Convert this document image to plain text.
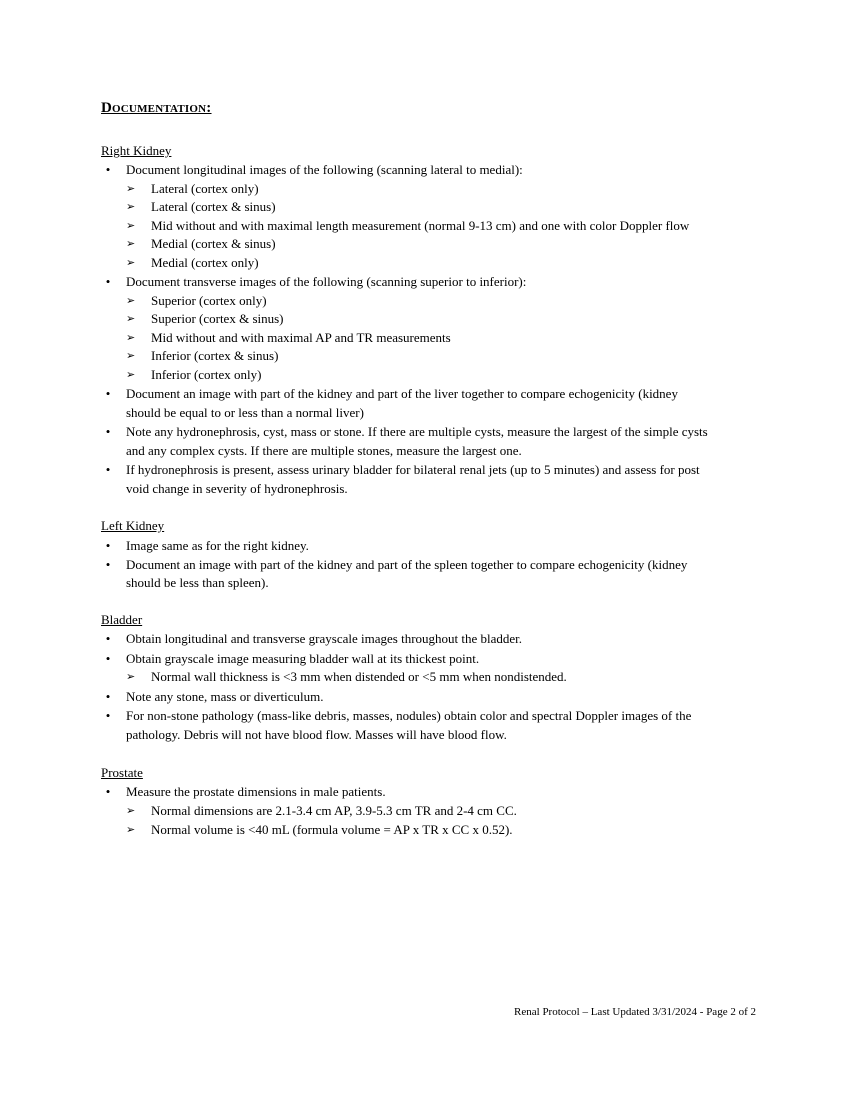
Documentation:
Right Kidney
•	Document longitudinal images of the following (scanning lateral to medial):
➢ Lateral (cortex only)
➢ Lateral (cortex & sinus)
➢ Mid without and with maximal length measurement (normal 9-13 cm) and one with color Doppler flow
➢ Medial (cortex & sinus)
➢ Medial (cortex only)
•	Document transverse images of the following (scanning superior to inferior):
➢ Superior (cortex only)
➢ Superior (cortex & sinus)
➢ Mid without and with maximal AP and TR measurements
➢ Inferior (cortex & sinus)
➢ Inferior (cortex only)
•	Document an image with part of the kidney and part of the liver together to compare echogenicity (kidney
should be equal to or less than a normal liver)
•	Note any hydronephrosis, cyst, mass or stone. If there are multiple cysts, measure the largest of the simple cysts
and any complex cysts. If there are multiple stones, measure the largest one.
•	If hydronephrosis is present, assess urinary bladder for bilateral renal jets (up to 5 minutes) and assess for post
void change in severity of hydronephrosis.
Left Kidney
•	Image same as for the right kidney.
•	Document an image with part of the kidney and part of the spleen together to compare echogenicity (kidney
should be less than spleen).
Bladder
•	Obtain longitudinal and transverse grayscale images throughout the bladder.
•	Obtain grayscale image measuring bladder wall at its thickest point.
➢ Normal wall thickness is <3 mm when distended or <5 mm when nondistended.
•	Note any stone, mass or diverticulum.
•	For non-stone pathology (mass-like debris, masses, nodules) obtain color and spectral Doppler images of the
pathology. Debris will not have blood flow. Masses will have blood flow.
Prostate
•	Measure the prostate dimensions in male patients.
➢ Normal dimensions are 2.1-3.4 cm AP, 3.9-5.3 cm TR and 2-4 cm CC.
➢ Normal volume is <40 mL (formula volume = AP x TR x CC x 0.52).
Renal Protocol – Last Updated 3/31/2024 - Page 2 of 2
